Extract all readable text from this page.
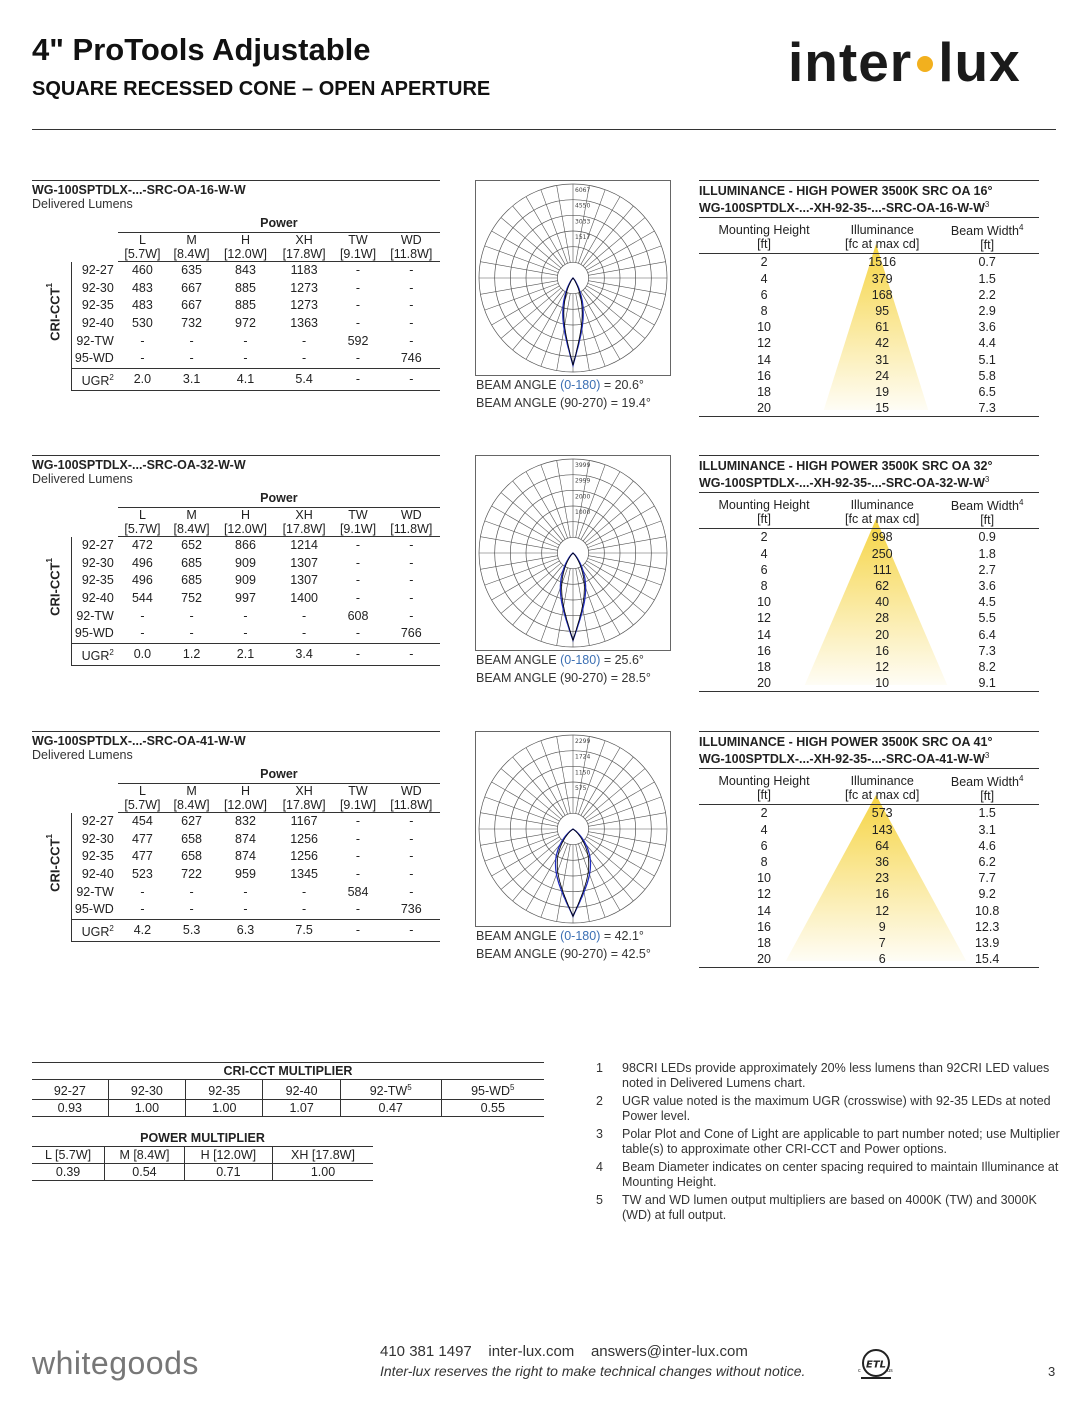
4" ProTools Adjustable
SQUARE RECESSED CONE – OPEN APERTURE	inter lux
WG-100SPTDLX-...-SRC-OA-16-W-W
Delivered Lumens
		Power					
		L	M	H	XH	TW	WD
		[5.7W]	[8.4W]	[12.0W]	[17.8W]	[9.1W]	[11.8W]
CRI-CCT$^1$	92-27	460	635	843	1183	-	-
	92-30	483	667	885	1273	-	-
	92-35	483	667	885	1273	-	-
	92-40	530	732	972	1363	-	-
	92-TW	-	-	-	-	592	-
	95-WD	-	-	-	-	-	746
	UGR$^2$	2.0	3.1	4.1	5.4	-	-
6067
4550
3033
1517
BEAM ANGLE (0-180) = 20.6°
BEAM ANGLE (90-270) = 19.4°
ILLUMINANCE - HIGH POWER 3500K SRC OA 16°
$WG-100SPTDLX-...-XH-92-35-...-SRC-OA-16-W-W^3$
Mounting Height
[ft]	Illuminance
[fc at max cd]	Beam Width$^4$
[ft]
2	1516	0.7
4	379	1.5
6	168	2.2
8	95	2.9
10	61	3.6
12	42	4.4
14	31	5.1
16	24	5.8
18	19	6.5
20	15	7.3
WG-100SPTDLX-...-SRC-OA-32-W-W
Delivered Lumens
		Power					
		L	M	H	XH	TW	WD
		[5.7W]	[8.4W]	[12.0W]	[17.8W]	[9.1W]	[11.8W]
CRI-CCT$^1$	92-27	472	652	866	1214	-	-
	92-30	496	685	909	1307	-	-
	92-35	496	685	909	1307	-	-
	92-40	544	752	997	1400	-	-
	92-TW	-	-	-	-	608	-
	95-WD	-	-	-	-	-	766
	UGR$^2$	0.0	1.2	2.1	3.4	-	-
3999
2999
2000
1000
BEAM ANGLE (0-180) = 25.6°
BEAM ANGLE (90-270) = 28.5°
ILLUMINANCE - HIGH POWER 3500K SRC OA 32°
$WG-100SPTDLX-...-XH-92-35-...-SRC-OA-32-W-W^3$
Mounting Height
[ft]	Illuminance
[fc at max cd]	Beam Width$^4$
[ft]
2	998	0.9
4	250	1.8
6	111	2.7
8	62	3.6
10	40	4.5
12	28	5.5
14	20	6.4
16	16	7.3
18	12	8.2
20	10	9.1
WG-100SPTDLX-...-SRC-OA-41-W-W
Delivered Lumens
		Power					
		L	M	H	XH	TW	WD
		[5.7W]	[8.4W]	[12.0W]	[17.8W]	[9.1W]	[11.8W]
CRI-CCT$^1$	92-27	454	627	832	1167	-	-
	92-30	477	658	874	1256	-	-
	92-35	477	658	874	1256	-	-
	92-40	523	722	959	1345	-	-
	92-TW	-	-	-	-	584	-
	95-WD	-	-	-	-	-	736
	UGR$^2$	4.2	5.3	6.3	7.5	-	-
2299
1724
1150
575
BEAM ANGLE (0-180) = 42.1°
BEAM ANGLE (90-270) = 42.5°
ILLUMINANCE - HIGH POWER 3500K SRC OA 41°
$WG-100SPTDLX-...-XH-92-35-...-SRC-OA-41-W-W^3$
Mounting Height
[ft]	Illuminance
[fc at max cd]	Beam Width$^4$
[ft]
2	573	1.5
4	143	3.1
6	64	4.6
8	36	6.2
10	23	7.7
12	16	9.2
14	12	10.8
16	9	12.3
18	7	13.9
20	6	15.4
CRI-CCT MULTIPLIER					
92-27	92-30	92-35	92-40	$92-TW^5$	$95-WD^5$
0.93	1.00	1.00	1.07	0.47	0.55
POWER MULTIPLIER			
L [5.7W]	M [8.4W]	H [12.0W]	XH [17.8W]
0.39	0.54	0.71	1.00
1 98CRI LEDs provide approximately 20% less lumens than 92CRI LED values noted in Delivered Lumens chart.
2 UGR value noted is the maximum UGR (crosswise) with 92-35 LEDs at noted Power level.
3 Polar Plot and Cone of Light are applicable to part number noted; use Multiplier table(s) to approximate other CRI-CCT and Power options.
4 Beam Diameter indicates on center spacing required to maintain Illuminance at Mounting Height.
5 TW and WD lumen output multipliers are based on 4000K (TW) and 3000K (WD) at full output.
whitegoods	410 381 1497    inter-lux.com    answers@inter-lux.com
Inter-lux reserves the right to make technical changes without notice.	ETL
c	us	3
